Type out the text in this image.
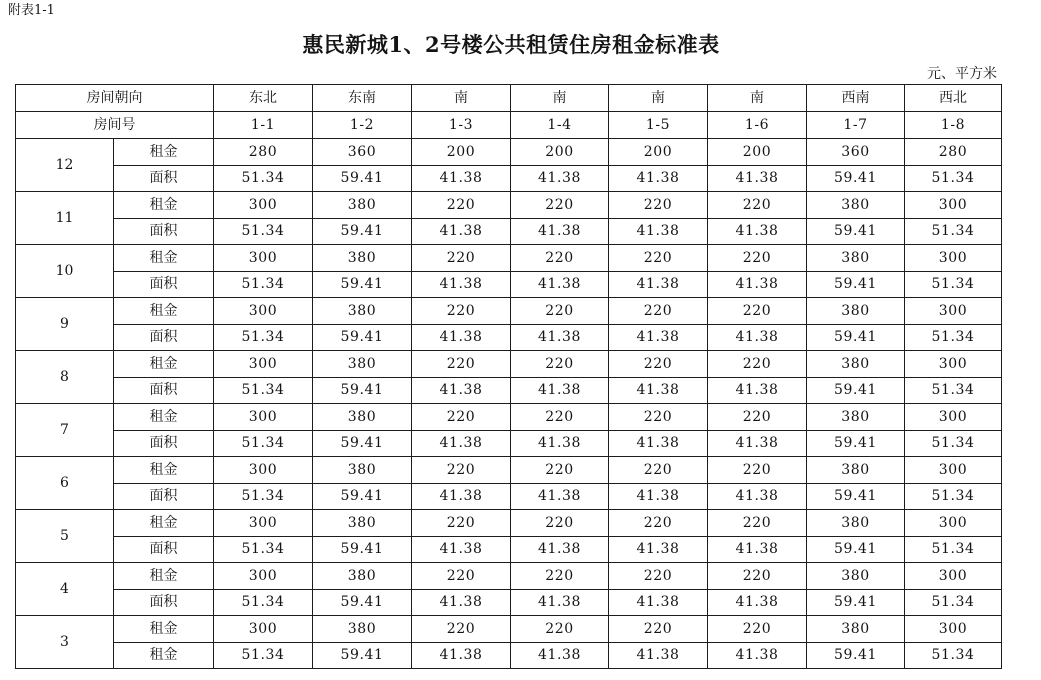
附表1-1
惠民新城1、2号楼公共租赁住房租金标准表
元、平方米
房间朝向		东北	东南	南	南	南	南	西南	西北
房间号		1-1	1-2	1-3	1-4	1-5	1-6	1-7	1-8
12	租金	280	360	200	200	200	200	360	280
	面积	51.34	59.41	41.38	41.38	41.38	41.38	59.41	51.34
11	租金	300	380	220	220	220	220	380	300
	面积	51.34	59.41	41.38	41.38	41.38	41.38	59.41	51.34
10	租金	300	380	220	220	220	220	380	300
	面积	51.34	59.41	41.38	41.38	41.38	41.38	59.41	51.34
9	租金	300	380	220	220	220	220	380	300
	面积	51.34	59.41	41.38	41.38	41.38	41.38	59.41	51.34
8	租金	300	380	220	220	220	220	380	300
	面积	51.34	59.41	41.38	41.38	41.38	41.38	59.41	51.34
7	租金	300	380	220	220	220	220	380	300
	面积	51.34	59.41	41.38	41.38	41.38	41.38	59.41	51.34
6	租金	300	380	220	220	220	220	380	300
	面积	51.34	59.41	41.38	41.38	41.38	41.38	59.41	51.34
5	租金	300	380	220	220	220	220	380	300
	面积	51.34	59.41	41.38	41.38	41.38	41.38	59.41	51.34
4	租金	300	380	220	220	220	220	380	300
	面积	51.34	59.41	41.38	41.38	41.38	41.38	59.41	51.34
3	租金	300	380	220	220	220	220	380	300
	租金	51.34	59.41	41.38	41.38	41.38	41.38	59.41	51.34
